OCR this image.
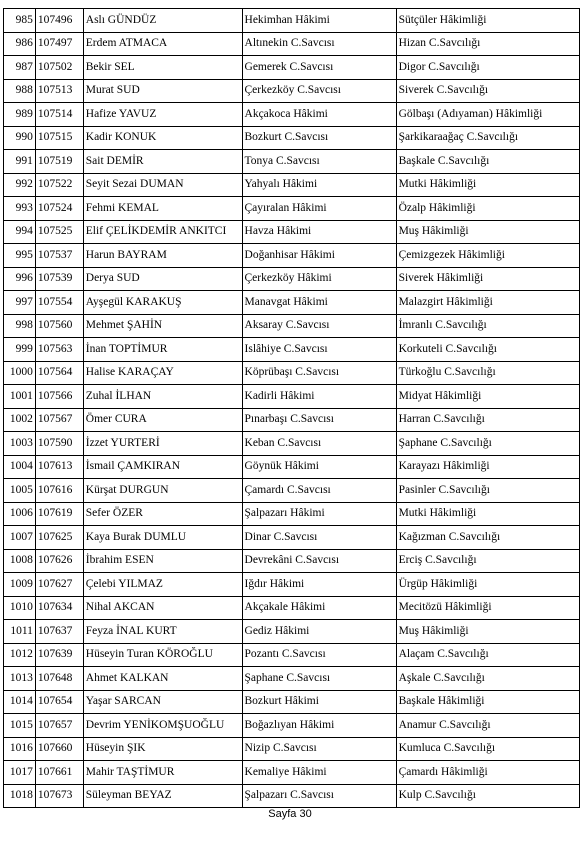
985	107496	Aslı GÜNDÜZ	Hekimhan Hâkimi	Sütçüler Hâkimliği
986	107497	Erdem ATMACA	Altınekin C.Savcısı	Hizan C.Savcılığı
987	107502	Bekir SEL	Gemerek C.Savcısı	Digor C.Savcılığı
988	107513	Murat SUD	Çerkezköy C.Savcısı	Siverek C.Savcılığı
989	107514	Hafize YAVUZ	Akçakoca Hâkimi	Gölbaşı (Adıyaman) Hâkimliği
990	107515	Kadir KONUK	Bozkurt C.Savcısı	Şarkikaraağaç C.Savcılığı
991	107519	Sait DEMİR	Tonya C.Savcısı	Başkale C.Savcılığı
992	107522	Seyit Sezai DUMAN	Yahyalı Hâkimi	Mutki Hâkimliği
993	107524	Fehmi KEMAL	Çayıralan Hâkimi	Özalp Hâkimliği
994	107525	Elif ÇELİKDEMİR ANKITCI	Havza Hâkimi	Muş Hâkimliği
995	107537	Harun BAYRAM	Doğanhisar Hâkimi	Çemizgezek Hâkimliği
996	107539	Derya SUD	Çerkezköy Hâkimi	Siverek Hâkimliği
997	107554	Ayşegül KARAKUŞ	Manavgat Hâkimi	Malazgirt Hâkimliği
998	107560	Mehmet ŞAHİN	Aksaray C.Savcısı	İmranlı C.Savcılığı
999	107563	İnan TOPTİMUR	Islâhiye C.Savcısı	Korkuteli C.Savcılığı
1000	107564	Halise KARAÇAY	Köprübaşı C.Savcısı	Türkoğlu C.Savcılığı
1001	107566	Zuhal İLHAN	Kadirli Hâkimi	Midyat Hâkimliği
1002	107567	Ömer CURA	Pınarbaşı C.Savcısı	Harran C.Savcılığı
1003	107590	İzzet YURTERİ	Keban C.Savcısı	Şaphane C.Savcılığı
1004	107613	İsmail ÇAMKIRAN	Göynük Hâkimi	Karayazı Hâkimliği
1005	107616	Kürşat DURGUN	Çamardı C.Savcısı	Pasinler C.Savcılığı
1006	107619	Sefer ÖZER	Şalpazarı Hâkimi	Mutki Hâkimliği
1007	107625	Kaya Burak DUMLU	Dinar C.Savcısı	Kağızman C.Savcılığı
1008	107626	İbrahim ESEN	Devrekâni C.Savcısı	Erciş C.Savcılığı
1009	107627	Çelebi YILMAZ	Iğdır Hâkimi	Ürgüp Hâkimliği
1010	107634	Nihal AKCAN	Akçakale Hâkimi	Mecitözü Hâkimliği
1011	107637	Feyza İNAL KURT	Gediz Hâkimi	Muş Hâkimliği
1012	107639	Hüseyin Turan KÖROĞLU	Pozantı C.Savcısı	Alaçam C.Savcılığı
1013	107648	Ahmet KALKAN	Şaphane C.Savcısı	Aşkale C.Savcılığı
1014	107654	Yaşar SARCAN	Bozkurt Hâkimi	Başkale Hâkimliği
1015	107657	Devrim YENİKOMŞUOĞLU	Boğazlıyan Hâkimi	Anamur C.Savcılığı
1016	107660	Hüseyin ŞIK	Nizip C.Savcısı	Kumluca C.Savcılığı
1017	107661	Mahir TAŞTİMUR	Kemaliye Hâkimi	Çamardı Hâkimliği
1018	107673	Süleyman BEYAZ	Şalpazarı C.Savcısı	Kulp C.Savcılığı
Sayfa 30
